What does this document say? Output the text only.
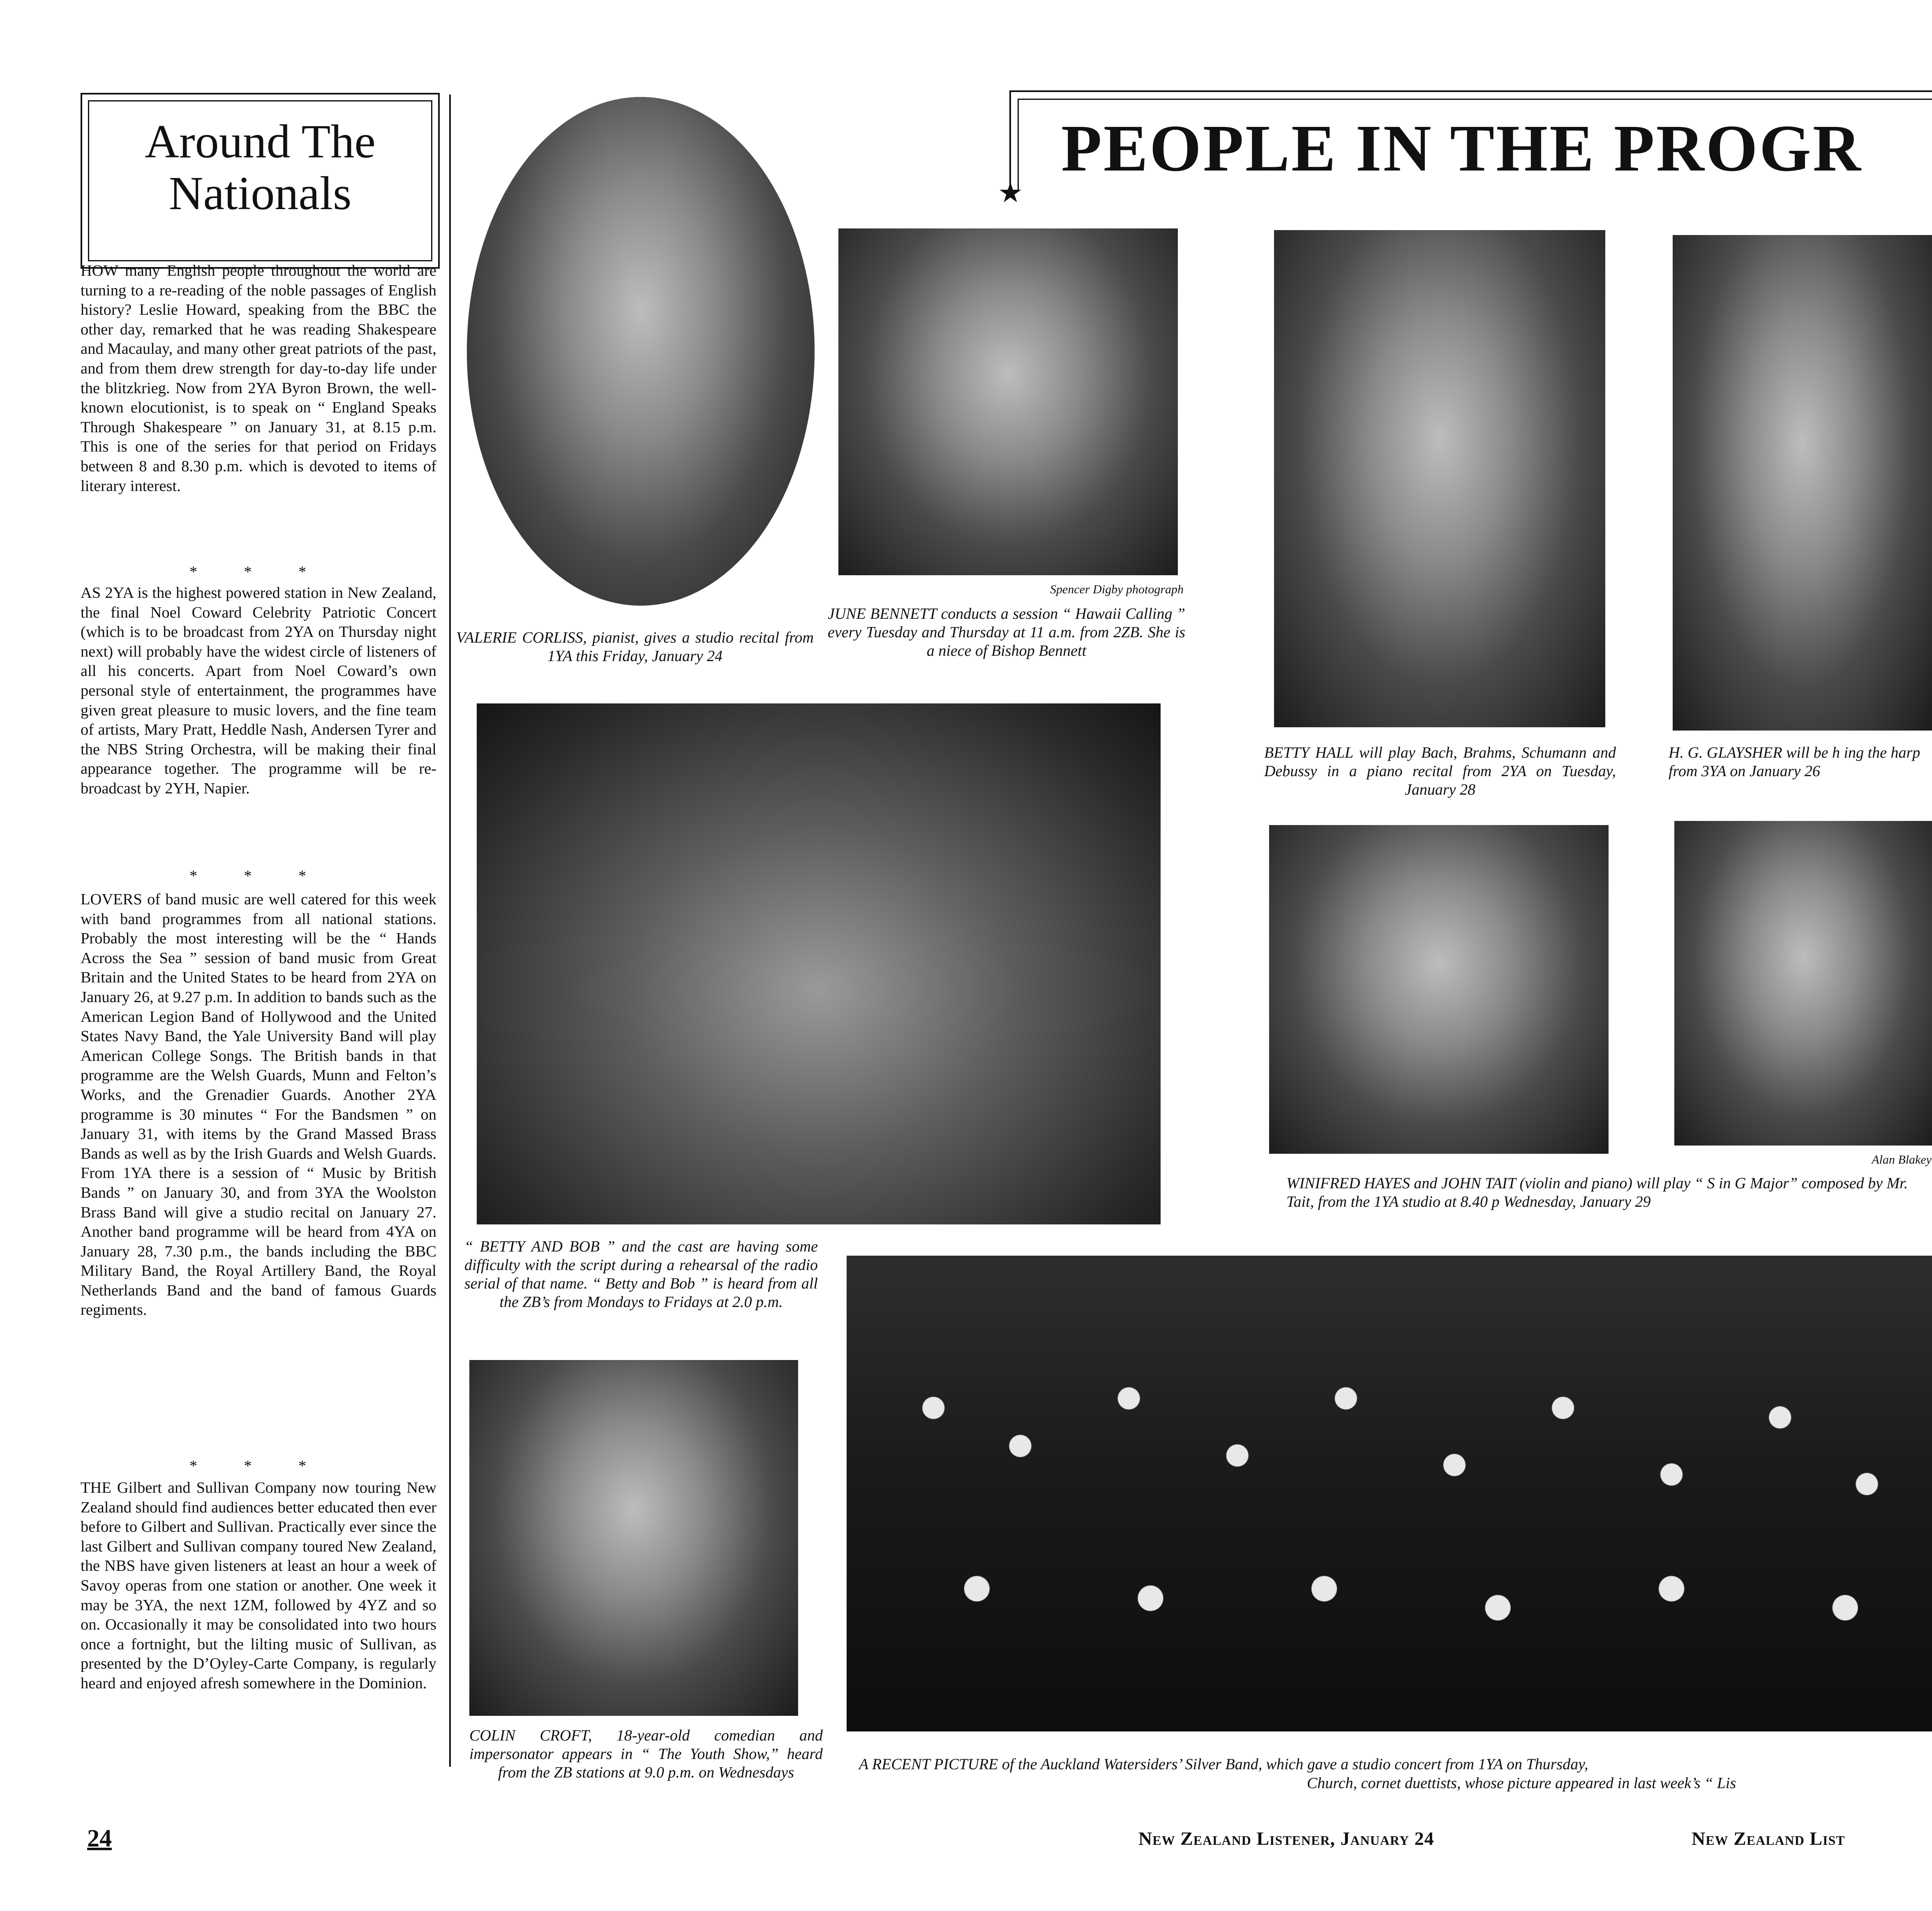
Around The
Nationals
HOW many English people throughout the world are turning to a re-reading of the noble passages of English history? Leslie Howard, speaking from the BBC the other day, remarked that he was reading Shakespeare and Macaulay, and many other great patriots of the past, and from them drew strength for day-to-day life under the blitzkrieg. Now from 2YA Byron Brown, the well-known elocutionist, is to speak on “ England Speaks Through Shakespeare ” on January 31, at 8.15 p.m. This is one of the series for that period on Fridays between 8 and 8.30 p.m. which is devoted to items of literary interest.
* * *
AS 2YA is the highest powered station in New Zealand, the final Noel Coward Celebrity Patriotic Concert (which is to be broadcast from 2YA on Thursday night next) will probably have the widest circle of listeners of all his concerts. Apart from Noel Coward’s own personal style of entertainment, the programmes have given great pleasure to music lovers, and the fine team of artists, Mary Pratt, Heddle Nash, Andersen Tyrer and the NBS String Orchestra, will be making their final appearance together. The programme will be re-broadcast by 2YH, Napier.
* * *
LOVERS of band music are well catered for this week with band programmes from all national stations. Probably the most interesting will be the “ Hands Across the Sea ” session of band music from Great Britain and the United States to be heard from 2YA on January 26, at 9.27 p.m. In addition to bands such as the American Legion Band of Hollywood and the United States Navy Band, the Yale University Band will play American College Songs. The British bands in that programme are the Welsh Guards, Munn and Felton’s Works, and the Grenadier Guards. Another 2YA programme is 30 minutes “ For the Bandsmen ” on January 31, with items by the Grand Massed Brass Bands as well as by the Irish Guards and Welsh Guards. From 1YA there is a session of “ Music by British Bands ” on January 30, and from 3YA the Woolston Brass Band will give a studio recital on January 27. Another band programme will be heard from 4YA on January 28, 7.30 p.m., the bands including the BBC Military Band, the Royal Artillery Band, the Royal Netherlands Band and the band of famous Guards regiments.
* * *
THE Gilbert and Sullivan Company now touring New Zealand should find audiences better educated then ever before to Gilbert and Sullivan. Practically ever since the last Gilbert and Sullivan company toured New Zealand, the NBS have given listeners at least an hour a week of Savoy operas from one station or another. One week it may be 3YA, the next 1ZM, followed by 4YZ and so on. Occasionally it may be consolidated into two hours once a fortnight, but the lilting music of Sullivan, as presented by the D’Oyley-Carte Company, is regularly heard and enjoyed afresh somewhere in the Dominion.
PEOPLE IN THE PROGR
★
VALERIE CORLISS, pianist, gives a studio recital from 1YA this Friday, January 24
Spencer Digby photograph
JUNE BENNETT conducts a session “ Hawaii Calling ” every Tuesday and Thursday at 11 a.m. from 2ZB. She is a niece of Bishop Bennett
“ BETTY AND BOB ” and the cast are having some difficulty with the script during a rehearsal of the radio serial of that name. “ Betty and Bob ” is heard from all the ZB’s from Mondays to Fridays at 2.0 p.m.
COLIN CROFT, 18-year-old comedian and impersonator appears in “ The Youth Show,” heard from the ZB stations at 9.0 p.m. on Wednesdays
BETTY HALL will play Bach, Brahms, Schumann and Debussy in a piano recital from 2YA on Tuesday, January 28
H. G. GLAYSHER will be h ing the harp from 3YA on January 26
Alan Blakey
WINIFRED HAYES and JOHN TAIT (violin and piano) will play “ S in G Major” composed by Mr. Tait, from the 1YA studio at 8.40 p Wednesday, January 29
A RECENT PICTURE of the Auckland Watersiders’ Silver Band, which gave a studio concert from 1YA on Thursday,
Church, cornet duettists, whose picture appeared in last week’s “ Lis
24	New Zealand Listener, January 24	New Zealand List
